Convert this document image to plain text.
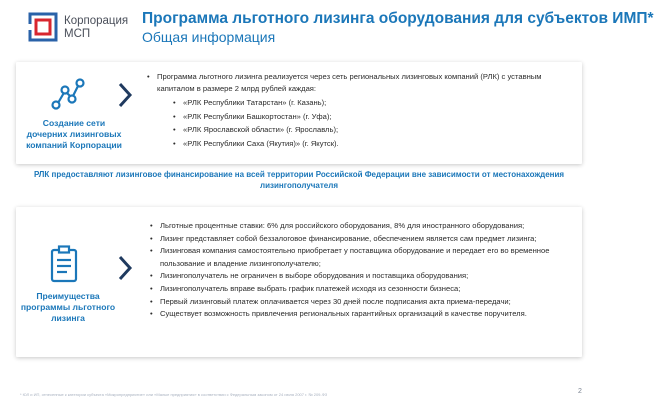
Корпорация
МСП
Программа льготного лизинга оборудования для субъектов ИМП*
Общая информация
Создание сети дочерних лизинговых компаний Корпорации
• Программа льготного лизинга реализуется через сеть региональных лизинговых компаний (РЛК) с уставным капиталом в размере 2 млрд рублей каждая:
• «РЛК Республики Татарстан» (г. Казань);
• «РЛК Республики Башкортостан» (г. Уфа);
• «РЛК Ярославской области» (г. Ярославль);
• «РЛК Республики Саха (Якутия)» (г. Якутск).
РЛК предоставляют лизинговое финансирование на всей территории Российской Федерации вне зависимости от местонахождения
лизингополучателя
Преимущества программы льготного лизинга
• Льготные процентные ставки: 6% для российского оборудования, 8% для иностранного оборудования;
• Лизинг представляет собой беззалоговое финансирование, обеспечением является сам предмет лизинга;
• Лизинговая компания самостоятельно приобретает у поставщика оборудование и передает его во временное пользование и владение лизингополучателю;
• Лизингополучатель не ограничен в выборе оборудования и поставщика оборудования;
• Лизингополучатель вправе выбрать график платежей исходя из сезонности бизнеса;
• Первый лизинговый платеж оплачивается через 30 дней после подписания акта приема-передачи;
• Существует возможность привлечения региональных гарантийных организаций в качестве поручителя.
* ЮЛ и ИП, отнесенные к категории субъекта «Микропредприятие» или «Малые предприятия» в соответствии с Федеральным законом от 24 июля 2007 г. № 209-ФЗ	2
